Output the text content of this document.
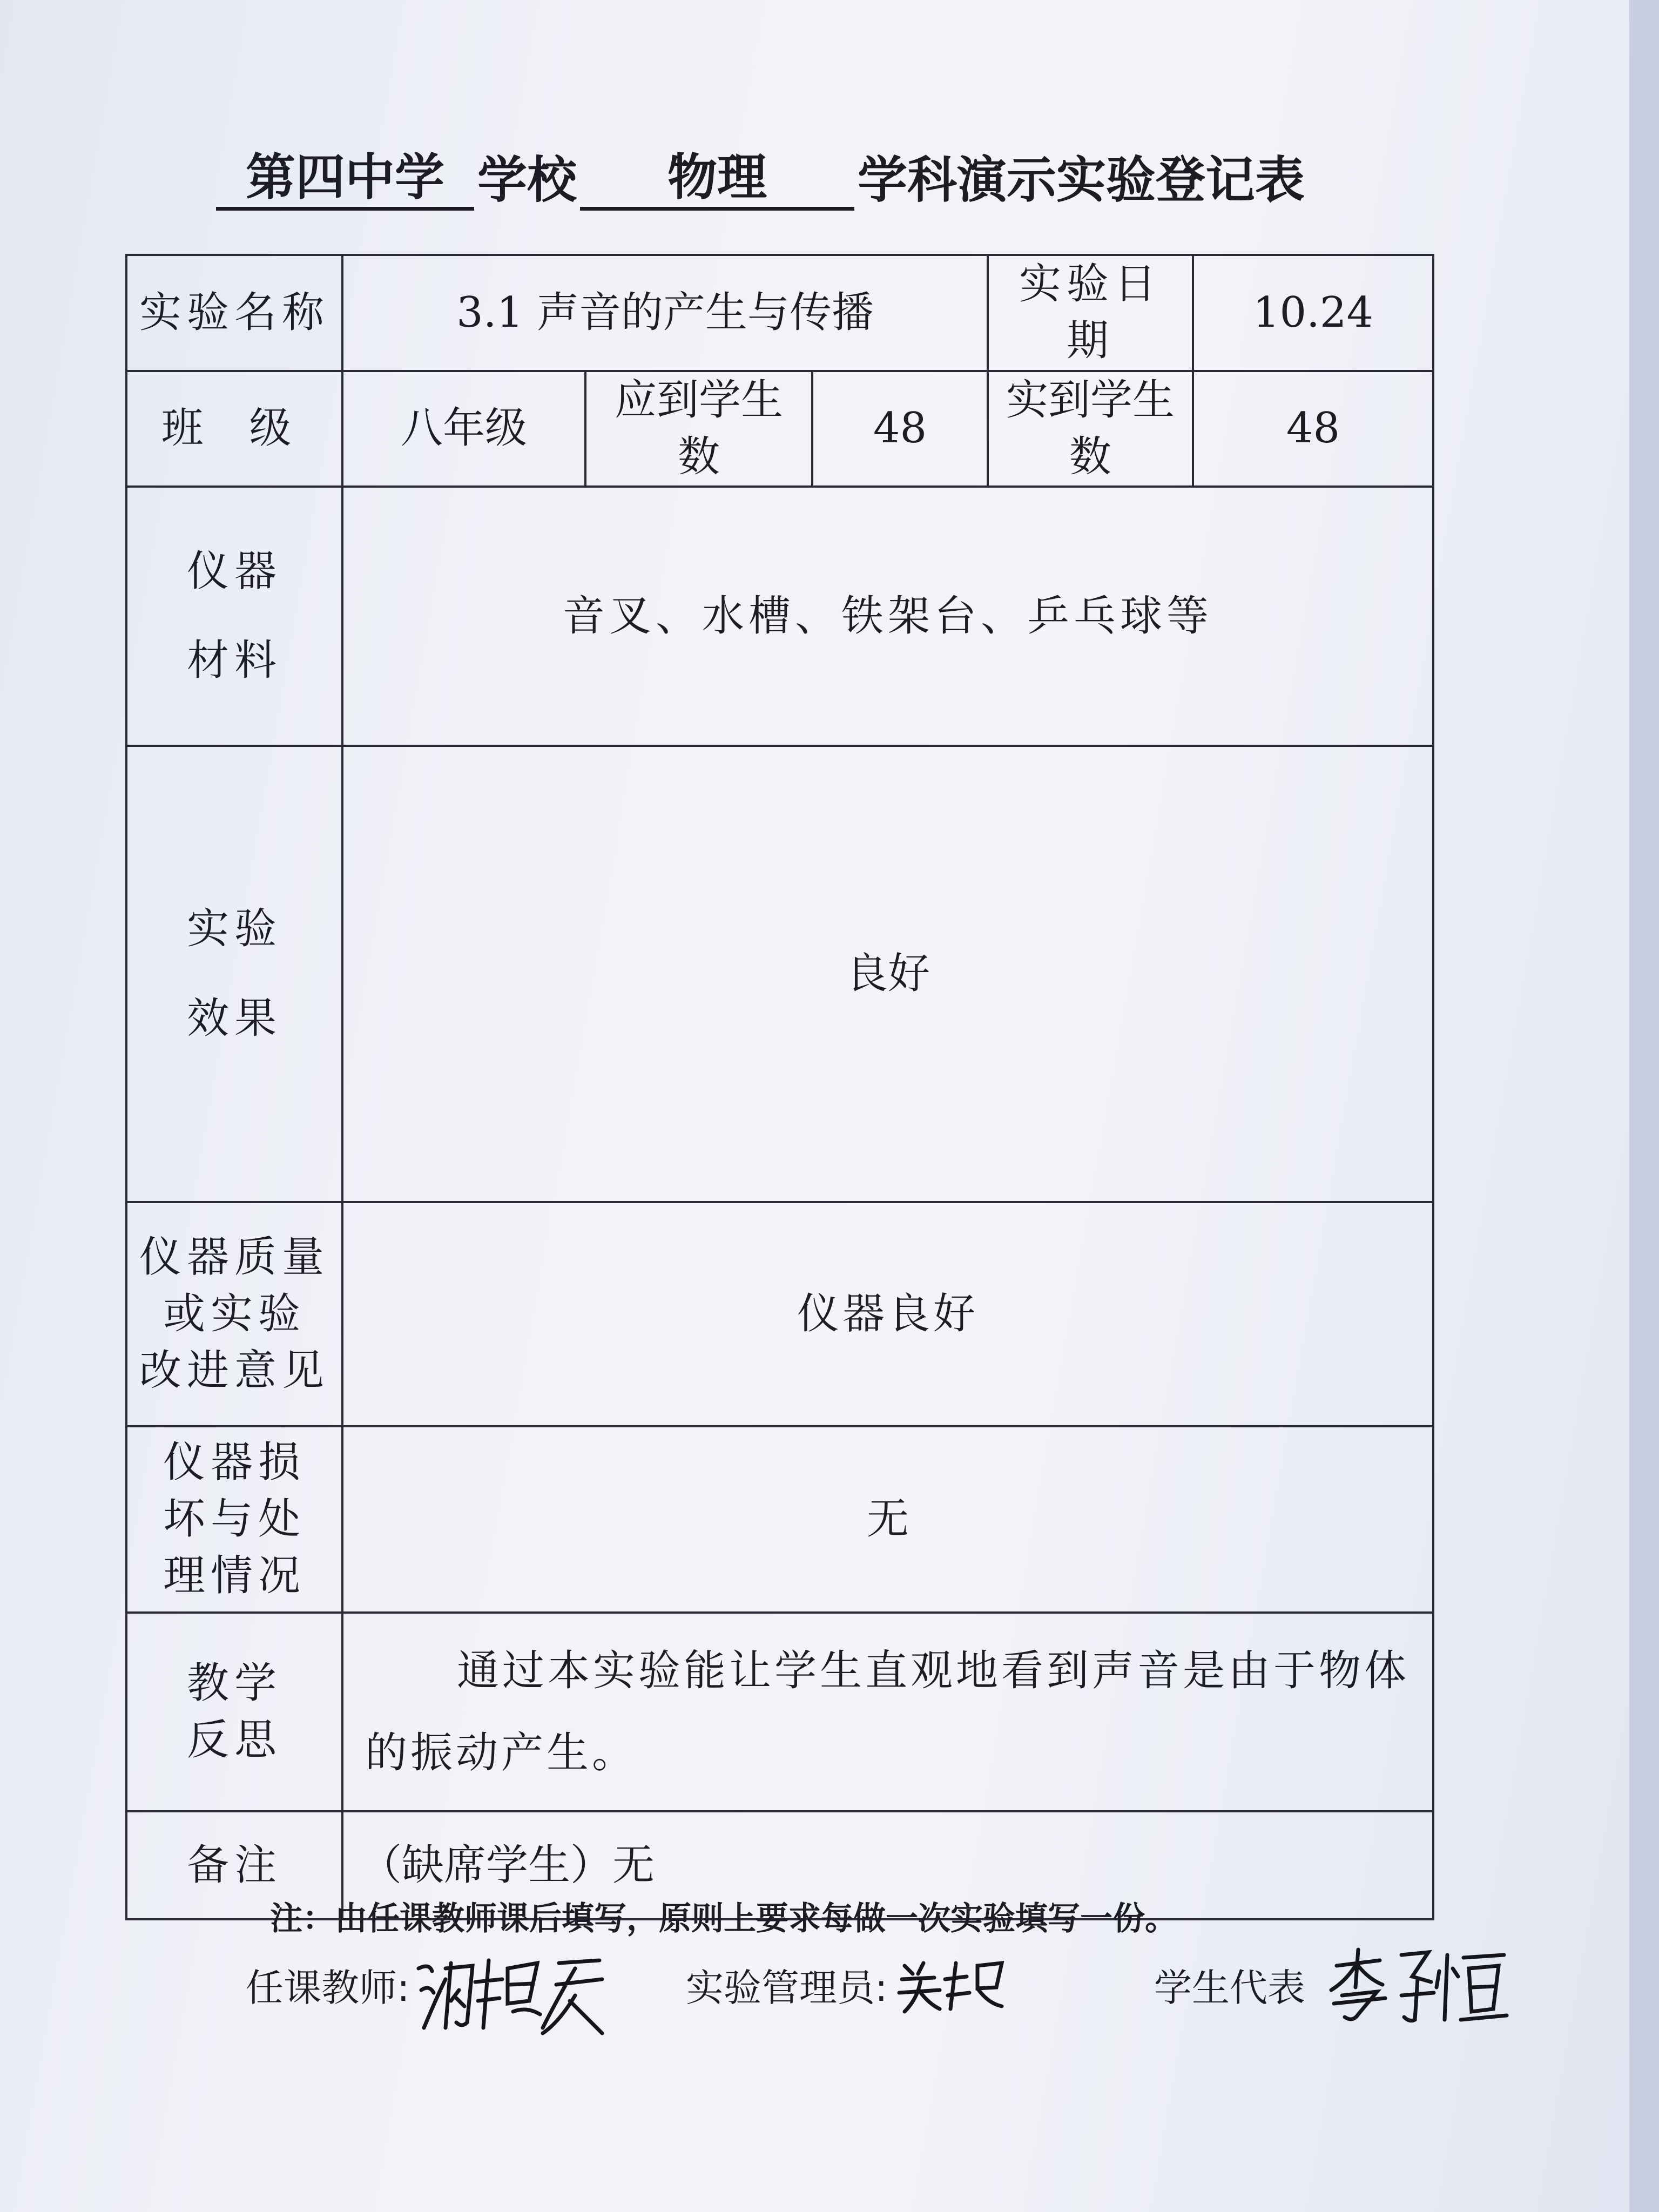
第四中学 学校	物理	学科演示实验登记表
实验名称	3.1 声音的产生与传播			实验日期	10.24
班 级	八年级	应到学生数	48	实到学生数	48

仪器
材料	音叉、水槽、铁架台、乒乓球等				

实验
效果	良好				

仪器质量
或实验
改进意见	仪器良好				

仪器损
坏与处
理情况	无				

教学
反思	通过本实验能让学生直观地看到声音是由于物体的振动产生。				
备注	（缺席学生）无				
注：由任课教师课后填写，原则上要求每做一次实验填写一份。
任课教师:	实验管理员:	学生代表
